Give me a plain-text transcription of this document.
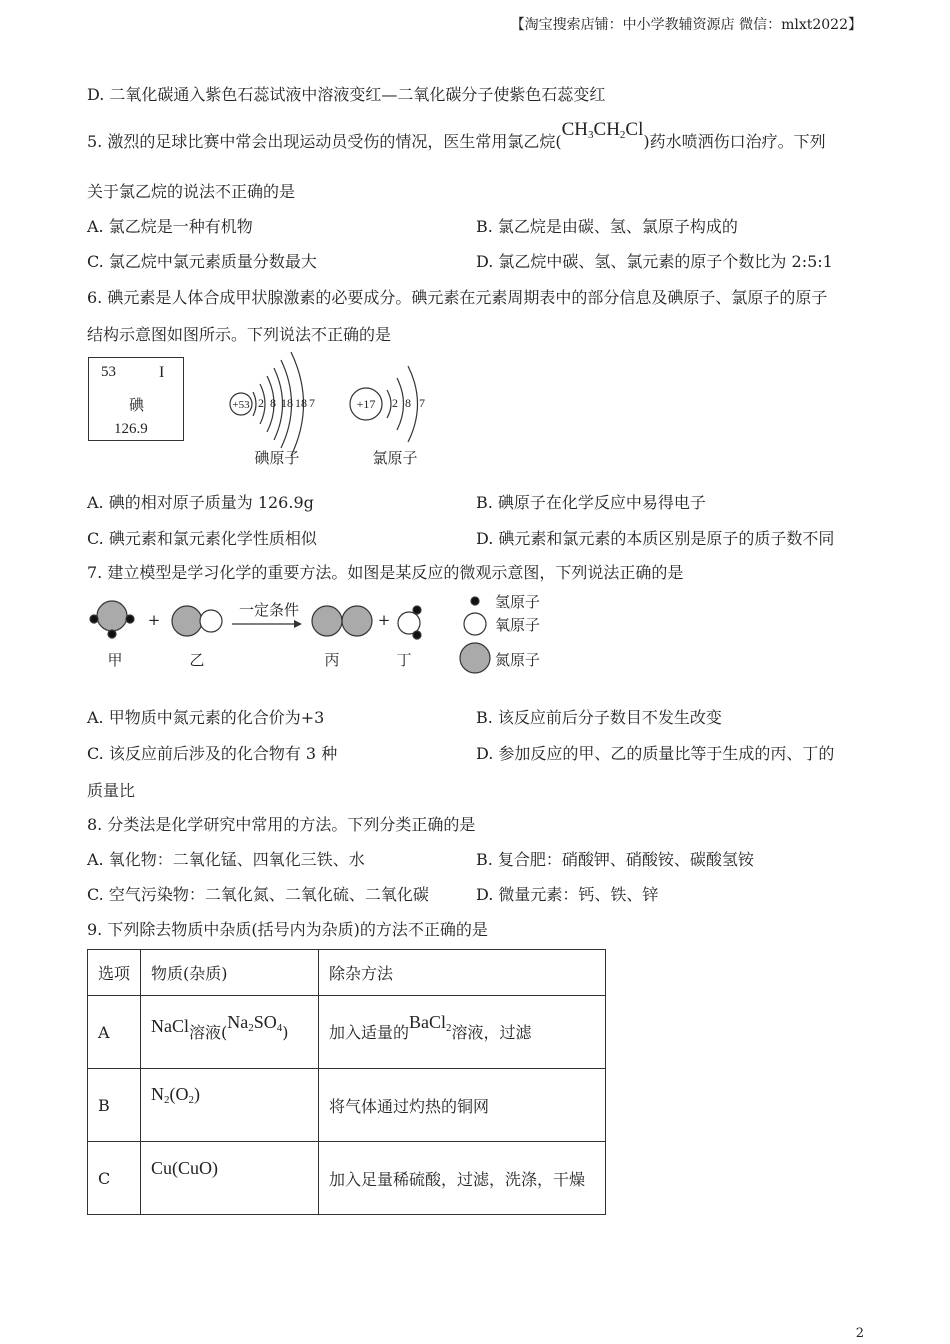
【淘宝搜索店铺：中小学教辅资源店 微信：mlxt2022】
D. 二氧化碳通入紫色石蕊试液中溶液变红—二氧化碳分子使紫色石蕊变红
5. 激烈的足球比赛中常会出现运动员受伤的情况，医生常用氯乙烷$(CH_3CH_2Cl)$药水喷洒伤口治疗。下列
关于氯乙烷的说法不正确的是
A. 氯乙烷是一种有机物	B. 氯乙烷是由碳、氢、氯原子构成的
C. 氯乙烷中氯元素质量分数最大	D. 氯乙烷中碳、氢、氯元素的原子个数比为 2:5:1
6. 碘元素是人体合成甲状腺激素的必要成分。碘元素在元素周期表中的部分信息及碘原子、氯原子的原子
结构示意图如图所示。下列说法不正确的是
53	I
碘
126.9
+53 2 8 18 18 7
碘原子
+17 2 8 7
氯原子
A. 碘的相对原子质量为 126.9g	B. 碘原子在化学反应中易得电子
C. 碘元素和氯元素化学性质相似	D. 碘元素和氯元素的本质区别是原子的质子数不同
7. 建立模型是学习化学的重要方法。如图是某反应的微观示意图，下列说法正确的是
一定条件
+	+
甲	乙	丙	丁
氢原子
氧原子
氮原子
A. 甲物质中氮元素的化合价为+3	B. 该反应前后分子数目不发生改变
C. 该反应前后涉及的化合物有 3 种	D. 参加反应的甲、乙的质量比等于生成的丙、丁的
质量比
8. 分类法是化学研究中常用的方法。下列分类正确的是
A. 氧化物：二氧化锰、四氧化三铁、水	B. 复合肥：硝酸钾、硝酸铵、碳酸氢铵
C. 空气污染物：二氧化氮、二氧化硫、二氧化碳	D. 微量元素：钙、铁、锌
9. 下列除去物质中杂质(括号内为杂质)的方法不正确的是
选项	物质(杂质)	除杂方法
A	NaCl溶液$(Na_2SO_4)$	加入适量的BaCl$_2$溶液，过滤
B	$N_2(O_2)$	将气体通过灼热的铜网
C	Cu(CuO)	加入足量稀硫酸，过滤，洗涤，干燥
2
